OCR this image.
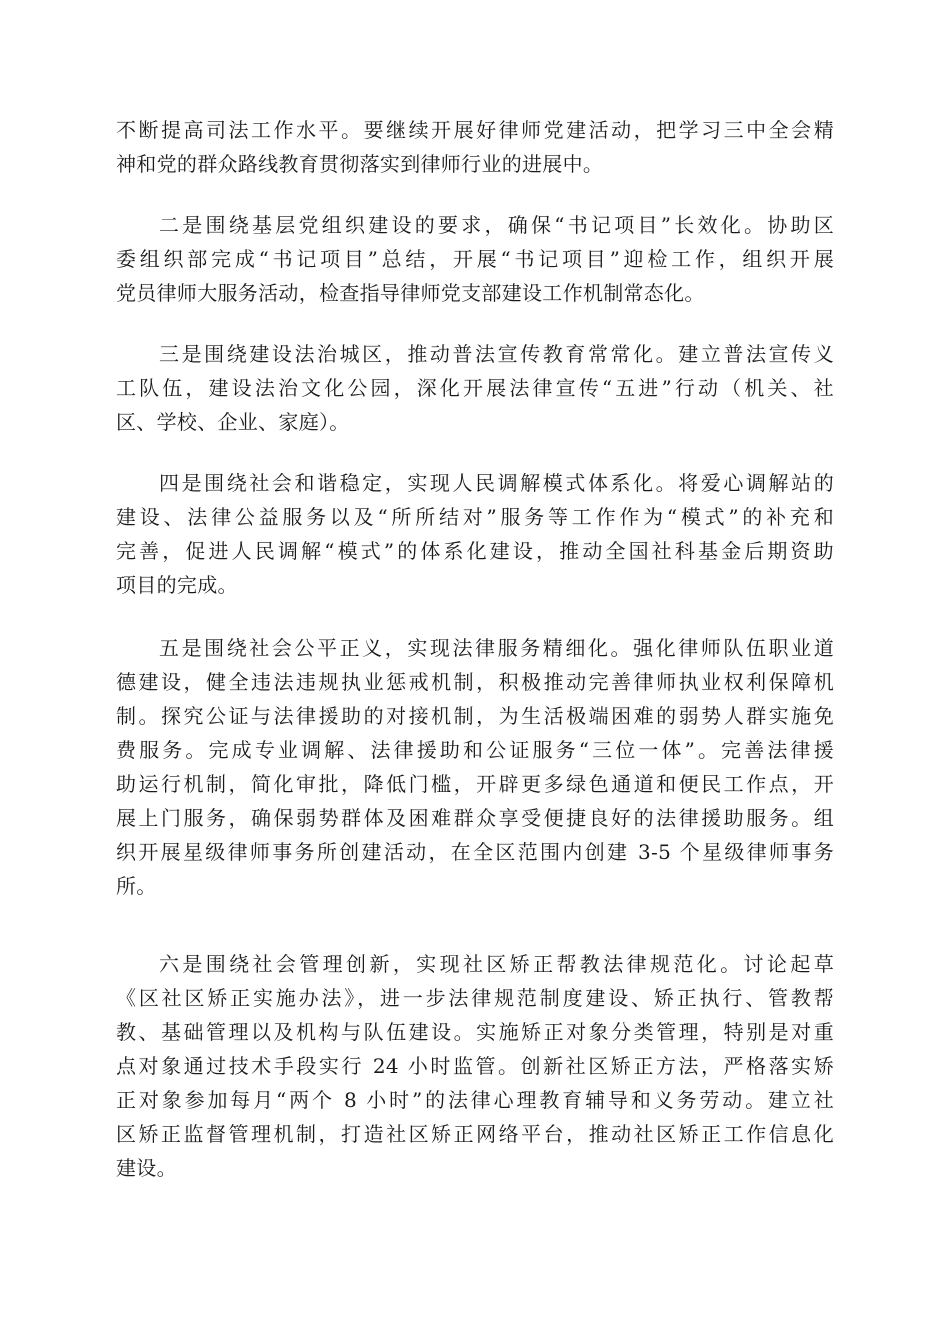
不断提高司法工作水平。要继续开展好律师党建活动，把学习三中全会精
神和党的群众路线教育贯彻落实到律师行业的进展中。
二是围绕基层党组织建设的要求，确保“书记项目”长效化。协助区
委组织部完成“书记项目”总结，开展“书记项目”迎检工作，组织开展
党员律师大服务活动，检查指导律师党支部建设工作机制常态化。
三是围绕建设法治城区，推动普法宣传教育常常化。建立普法宣传义
工队伍，建设法治文化公园，深化开展法律宣传“五进”行动（机关、社
区、学校、企业、家庭）。
四是围绕社会和谐稳定，实现人民调解模式体系化。将爱心调解站的
建设、法律公益服务以及“所所结对”服务等工作作为“模式”的补充和
完善，促进人民调解“模式”的体系化建设，推动全国社科基金后期资助
项目的完成。
五是围绕社会公平正义，实现法律服务精细化。强化律师队伍职业道
德建设，健全违法违规执业惩戒机制，积极推动完善律师执业权利保障机
制。探究公证与法律援助的对接机制，为生活极端困难的弱势人群实施免
费服务。完成专业调解、法律援助和公证服务“三位一体”。完善法律援
助运行机制，简化审批，降低门槛，开辟更多绿色通道和便民工作点，开
展上门服务，确保弱势群体及困难群众享受便捷良好的法律援助服务。组
织开展星级律师事务所创建活动，在全区范围内创建 3-5 个星级律师事务
所。
六是围绕社会管理创新，实现社区矫正帮教法律规范化。讨论起草
《区社区矫正实施办法》，进一步法律规范制度建设、矫正执行、管教帮
教、基础管理以及机构与队伍建设。实施矫正对象分类管理，特别是对重
点对象通过技术手段实行 24 小时监管。创新社区矫正方法，严格落实矫
正对象参加每月“两个 8 小时”的法律心理教育辅导和义务劳动。建立社
区矫正监督管理机制，打造社区矫正网络平台，推动社区矫正工作信息化
建设。
